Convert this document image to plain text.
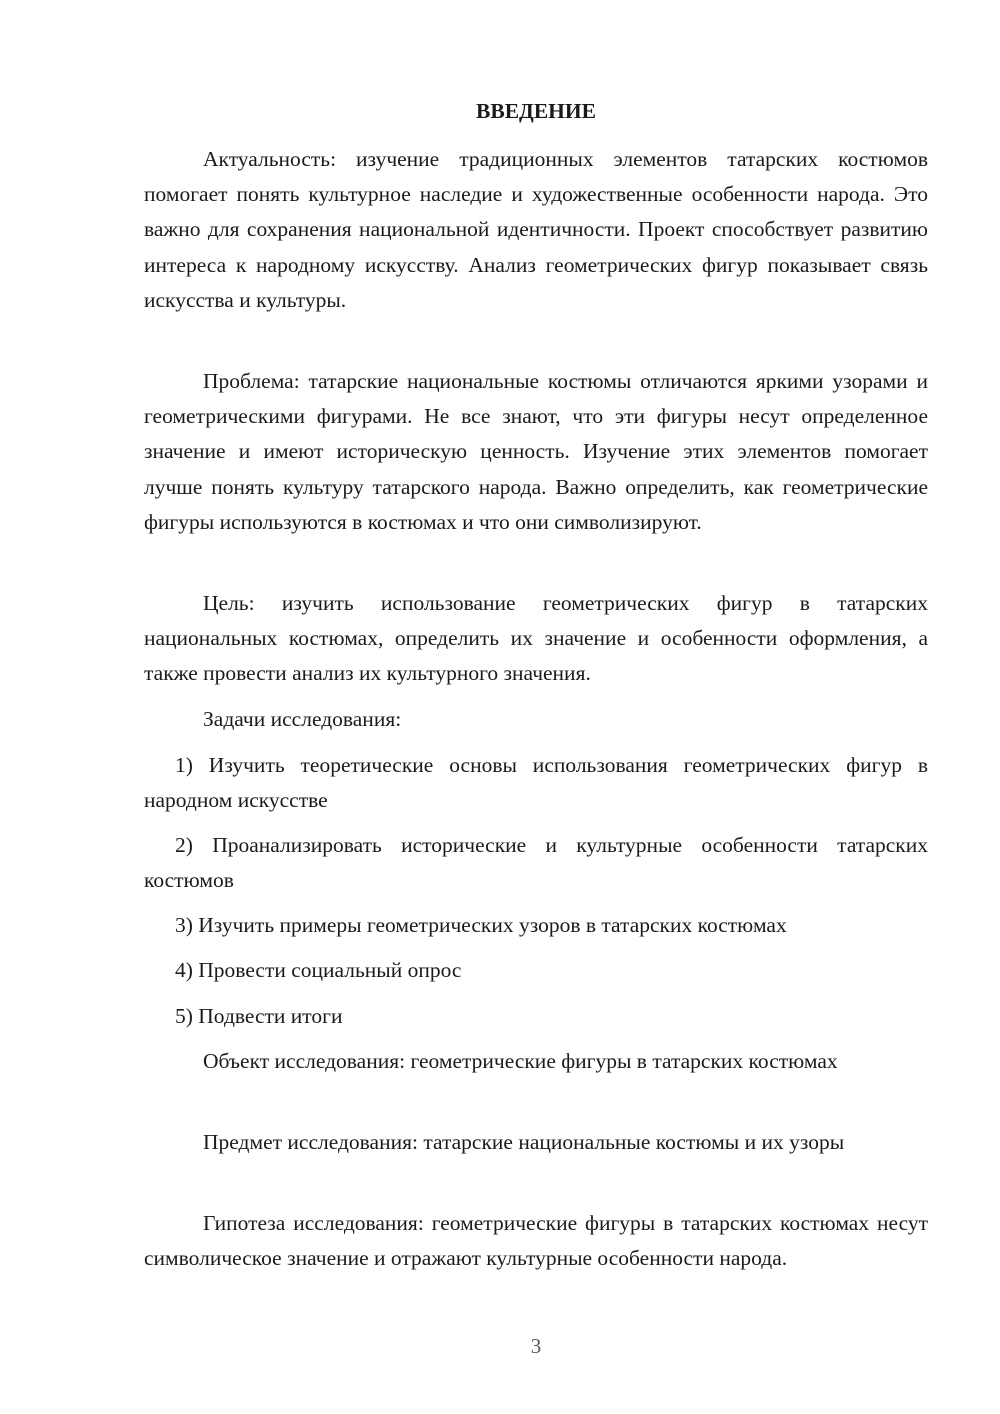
ВВЕДЕНИЕ

Актуальность: изучение традиционных элементов татарских костюмов помогает понять культурное наследие и художественные особенности народа. Это важно для сохранения национальной идентичности. Проект способствует развитию интереса к народному искусству. Анализ геометрических фигур показывает связь искусства и культуры.

Проблема: татарские национальные костюмы отличаются яркими узорами и геометрическими фигурами. Не все знают, что эти фигуры несут определенное значение и имеют историческую ценность. Изучение этих элементов помогает лучше понять культуру татарского народа. Важно определить, как геометрические фигуры используются в костюмах и что они символизируют.

Цель: изучить использование геометрических фигур в татарских национальных костюмах, определить их значение и особенности оформления, а также провести анализ их культурного значения.

Задачи исследования:

1) Изучить теоретические основы использования геометрических фигур в народном искусстве

2) Проанализировать исторические и культурные особенности татарских костюмов

3) Изучить примеры геометрических узоров в татарских костюмах

4) Провести социальный опрос

5) Подвести итоги

Объект исследования: геометрические фигуры в татарских костюмах

Предмет исследования: татарские национальные костюмы и их узоры

Гипотеза исследования: геометрические фигуры в татарских костюмах несут символическое значение и отражают культурные особенности народа.

3
